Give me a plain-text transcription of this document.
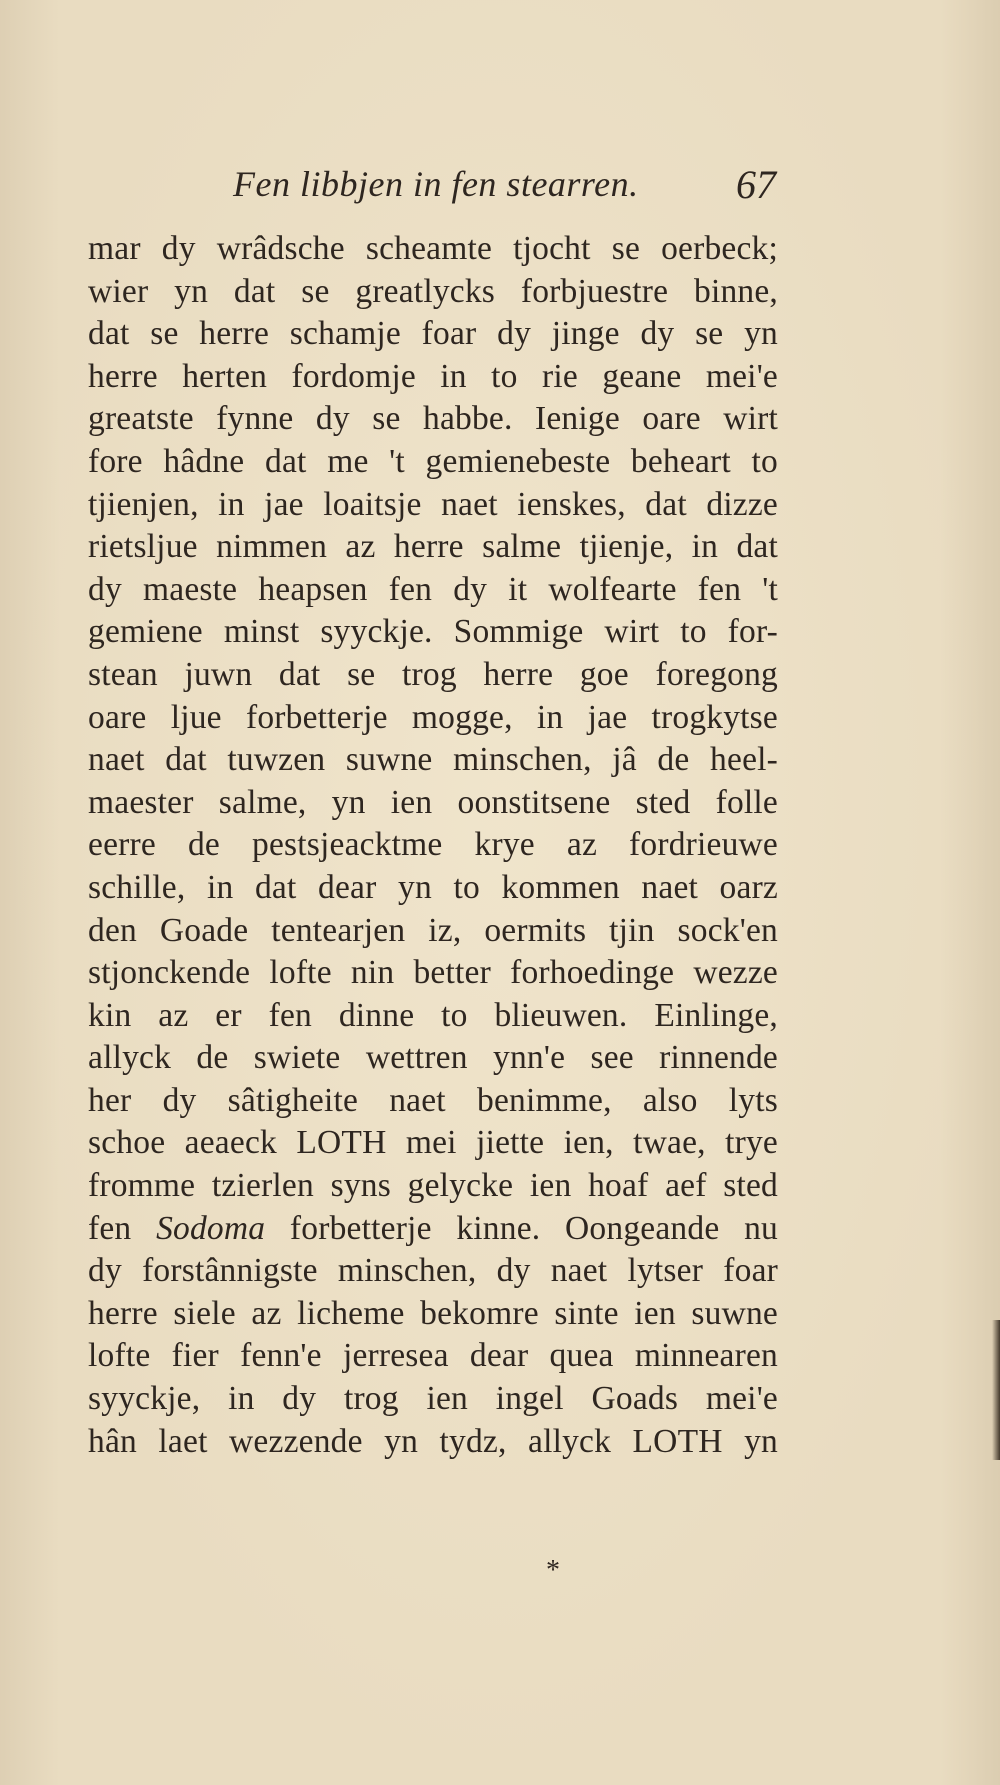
Fen libbjen in fen stearren. 67
mar dy wrâdsche scheamte tjocht se oerbeck;
wier yn dat se greatlycks forbjuestre binne,
dat se herre schamje foar dy jinge dy se yn
herre herten fordomje in to rie geane mei'e
greatste fynne dy se habbe. Ienige oare wirt
fore hâdne dat me 't gemienebeste beheart to
tjienjen, in jae loaitsje naet ienskes, dat dizze
rietsljue nimmen az herre salme tjienje, in dat
dy maeste heapsen fen dy it wolfearte fen 't
gemiene minst syyckje. Sommige wirt to for-
stean juwn dat se trog herre goe foregong
oare ljue forbetterje mogge, in jae trogkytse
naet dat tuwzen suwne minschen, jâ de heel-
maester salme, yn ien oonstitsene sted folle
eerre de pestsjeacktme krye az fordrieuwe
schille, in dat dear yn to kommen naet oarz
den Goade tentearjen iz, oermits tjin sock'en
stjonckende lofte nin better forhoedinge wezze
kin az er fen dinne to blieuwen. Einlinge,
allyck de swiete wettren ynn'e see rinnende
her dy sâtigheite naet benimme, also lyts
schoe aeaeck LOTH mei jiette ien, twae, trye
fromme tzierlen syns gelycke ien hoaf aef sted
fen Sodoma forbetterje kinne. Oongeande nu
dy forstânnigste minschen, dy naet lytser foar
herre siele az licheme bekomre sinte ien suwne
lofte fier fenn'e jerresea dear quea minnearen
syyckje, in dy trog ien ingel Goads mei'e
hân laet wezzende yn tydz, allyck LOTH yn
*
